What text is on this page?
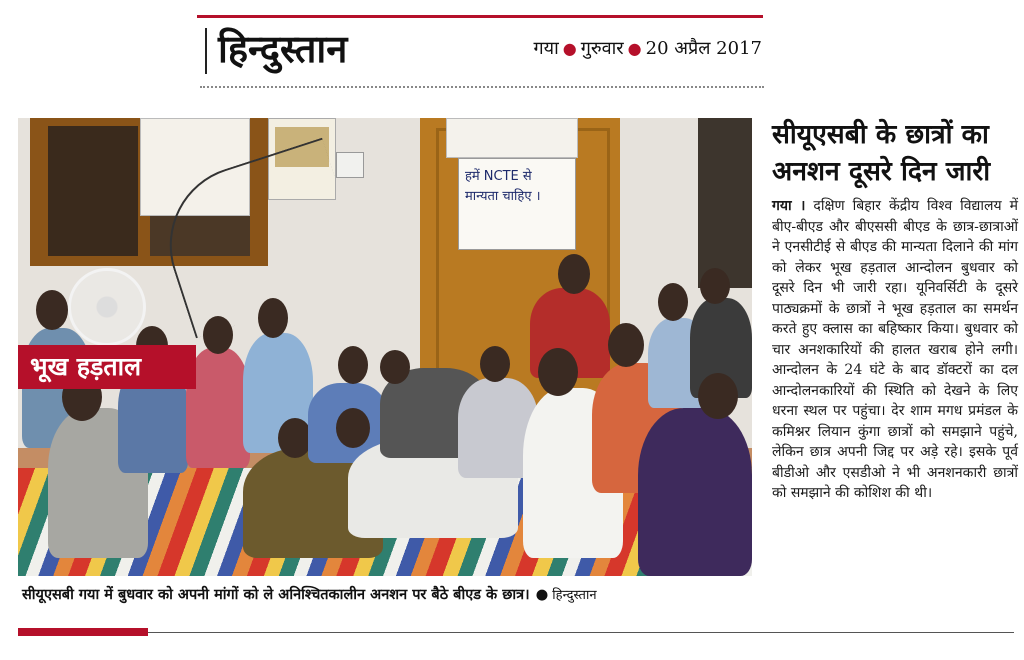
हिन्दुस्तान	गया ● गुरुवार ● 20 अप्रैल 2017
हमें NCTE से मान्यता चाहिए ।
भूख हड़ताल
सीयूएसबी गया में बुधवार को अपनी मांगों को ले अनिश्चितकालीन अनशन पर बैठे बीएड के छात्र। ● हिन्दुस्तान
सीयूएसबी के छात्रों का अनशन दूसरे दिन जारी

गया । दक्षिण बिहार केंद्रीय विश्व विद्यालय में बीए-बीएड और बीएससी बीएड के छात्र-छात्राओं ने एनसीटीई से बीएड की मान्यता दिलाने की मांग को लेकर भूख हड़ताल आन्दोलन बुधवार को दूसरे दिन भी जारी रहा। यूनिवर्सिटी के दूसरे पाठ्यक्रमों के छात्रों ने भूख हड़ताल का समर्थन करते हुए क्लास का बहिष्कार किया। बुधवार को चार अनशकारियों की हालत खराब होने लगी। आन्दोलन के 24 घंटे के बाद डॉक्टरों का दल आन्दोलनकारियों की स्थिति को देखने के लिए धरना स्थल पर पहुंचा। देर शाम मगध प्रमंडल के कमिश्नर लियान कुंगा छात्रों को समझाने पहुंचे, लेकिन छात्र अपनी जिद्द पर अड़े रहे। इसके पूर्व बीडीओ और एसडीओ ने भी अनशनकारी छात्रों को समझाने की कोशिश की थी।
